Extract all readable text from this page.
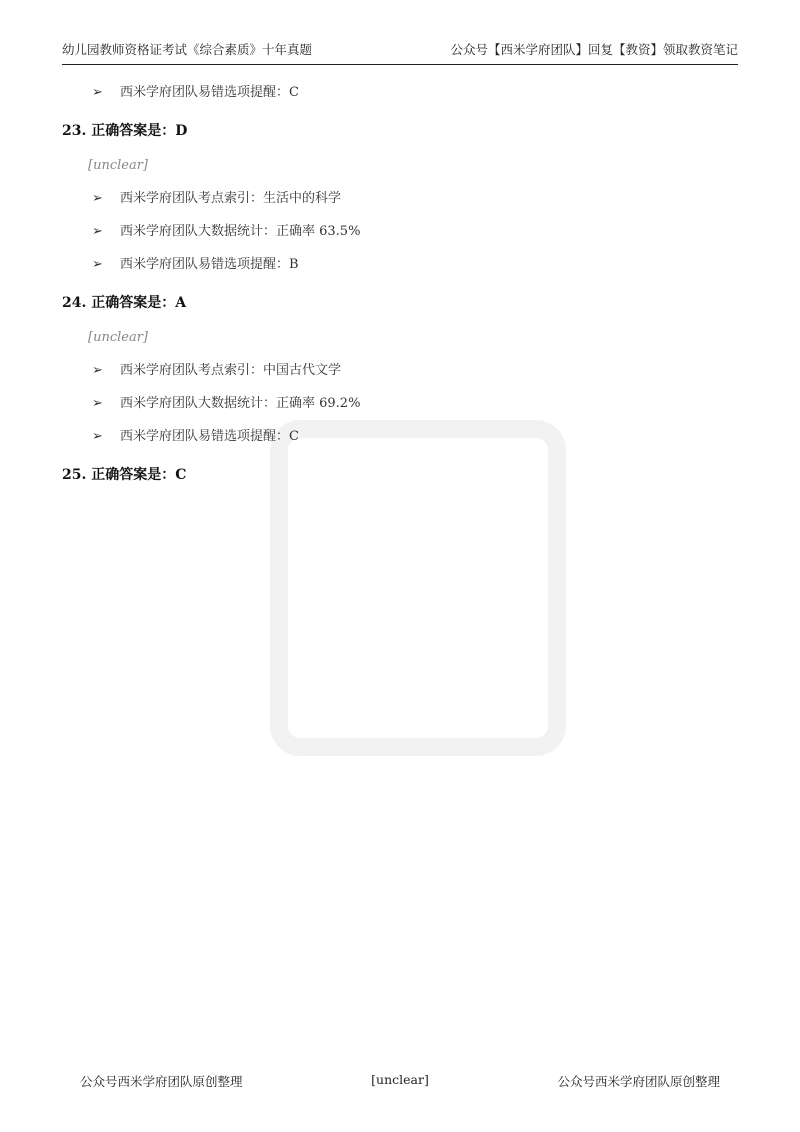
幼儿园教师资格证考试《综合素质》十年真题	公众号【西米学府团队】回复【教资】领取教资笔记
➢ 西米学府团队易错选项提醒：C
23. 正确答案是：D
[unclear]
➢ 西米学府团队考点索引：生活中的科学
➢ 西米学府团队大数据统计：正确率 63.5%
➢ 西米学府团队易错选项提醒：B
24. 正确答案是：A
[unclear]
➢ 西米学府团队考点索引：中国古代文学
➢ 西米学府团队大数据统计：正确率 69.2%
➢ 西米学府团队易错选项提醒：C
25. 正确答案是：C
公众号西米学府团队原创整理	[unclear]	公众号西米学府团队原创整理
